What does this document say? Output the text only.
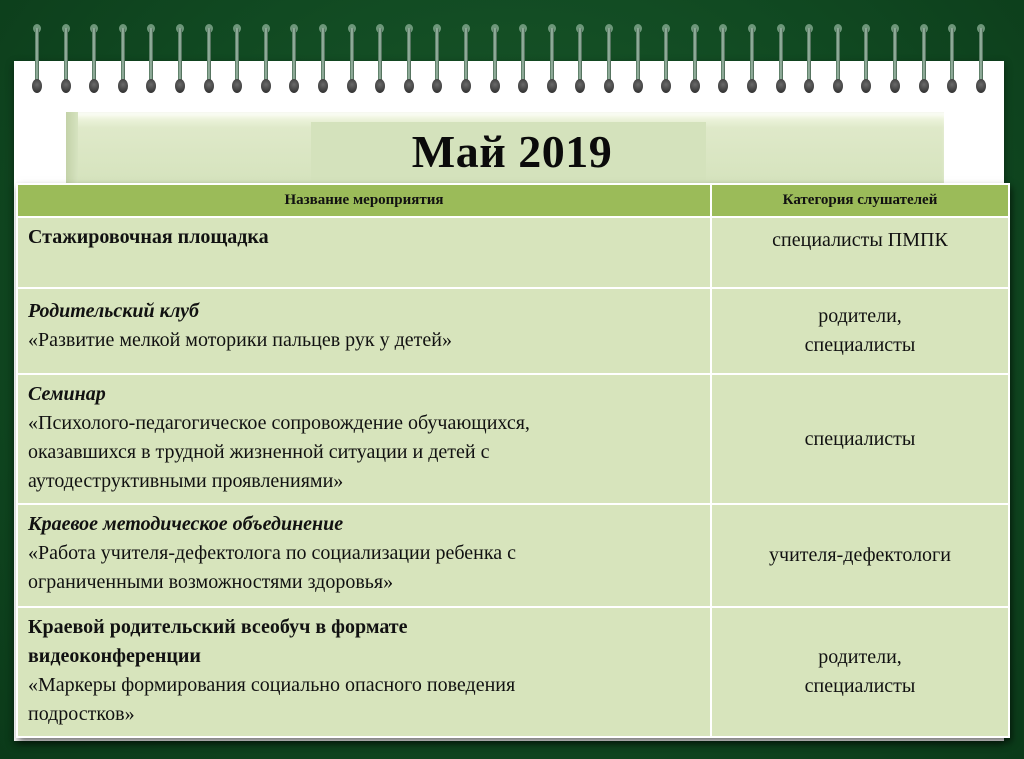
Май 2019
Название мероприятия	Категория слушателей

Стажировочная площадка	специалисты ПМПК

Родительский клуб
«Развитие мелкой моторики пальцев рук у детей»	родители,
специалисты

Семинар
«Психолого-педагогическое сопровождение обучающихся,
оказавшихся в трудной жизненной ситуации и детей с
аутодеструктивными проявлениями»	специалисты

Краевое методическое объединение
«Работа учителя-дефектолога по социализации ребенка с
ограниченными возможностями здоровья»	учителя-дефектологи

Краевой родительский всеобуч в формате
видеоконференции
«Маркеры формирования социально опасного поведения
подростков»	родители,
специалисты
